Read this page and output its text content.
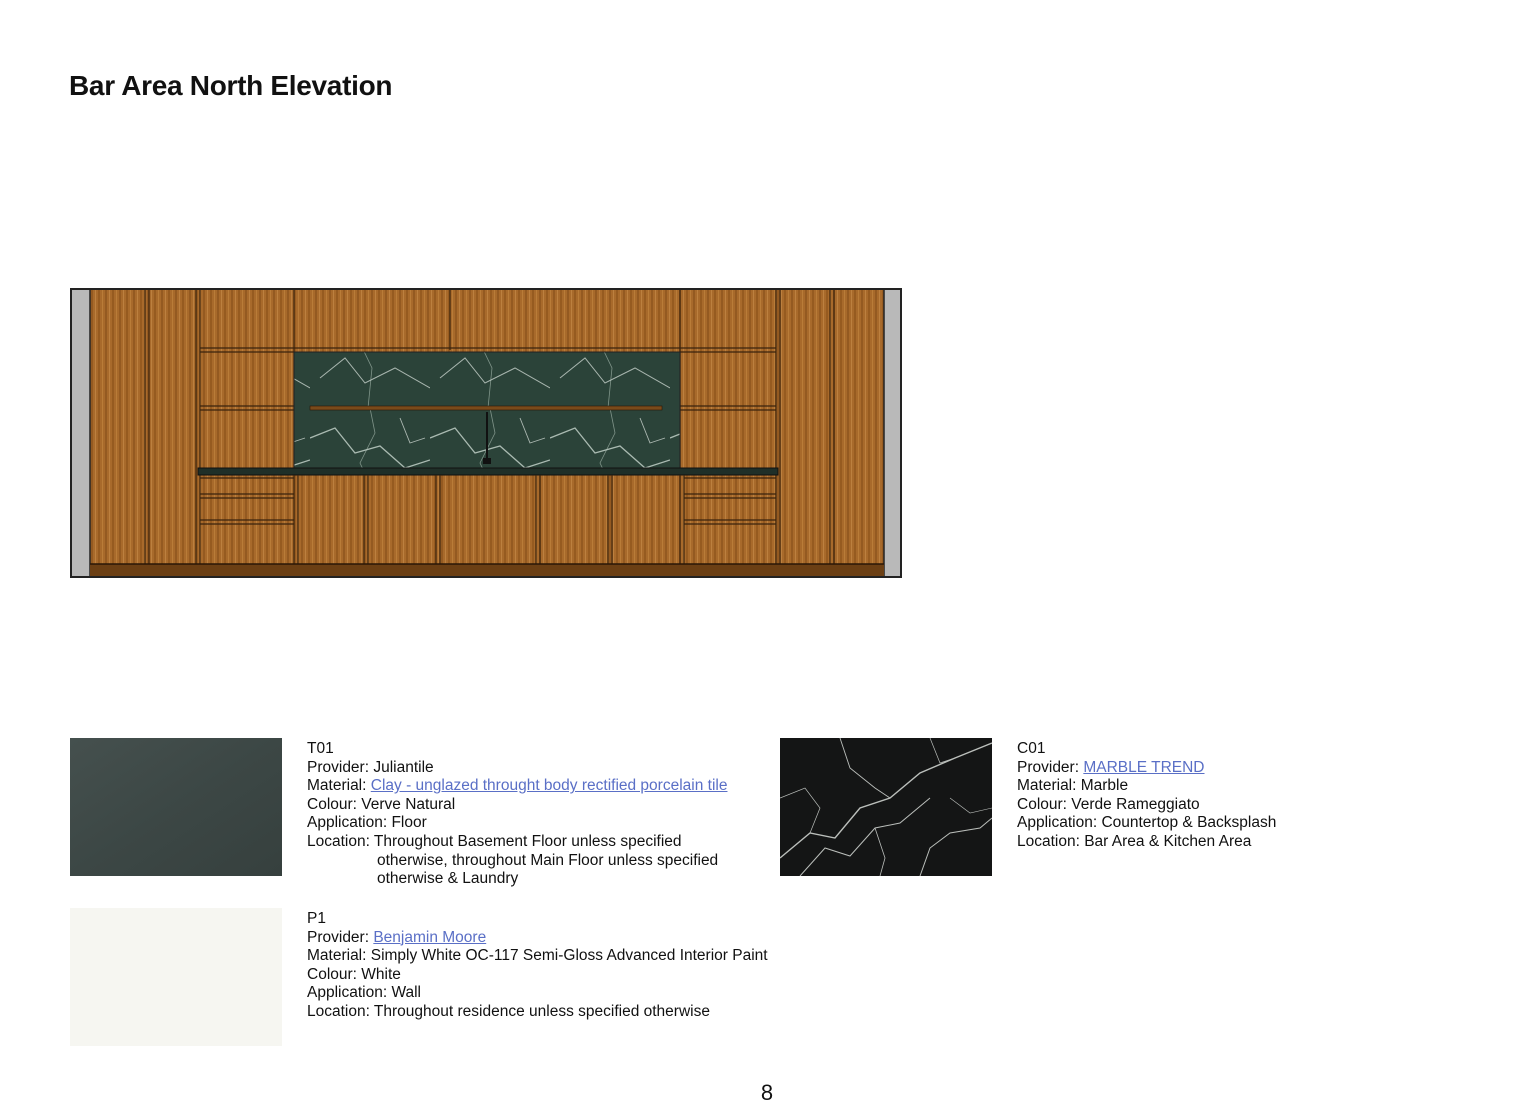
Bar Area North Elevation
T01
Provider: Juliantile
Material: Clay - unglazed throught body rectified porcelain tile
Colour: Verve Natural
Application: Floor
Location: Throughout Basement Floor unless specified
otherwise, throughout Main Floor unless specified
otherwise & Laundry
P1
Provider: Benjamin Moore
Material: Simply White OC-117 Semi-Gloss Advanced Interior Paint
Colour: White
Application: Wall
Location: Throughout residence unless specified otherwise
C01
Provider: MARBLE TREND
Material: Marble
Colour: Verde Rameggiato
Application: Countertop & Backsplash
Location: Bar Area & Kitchen Area
8
